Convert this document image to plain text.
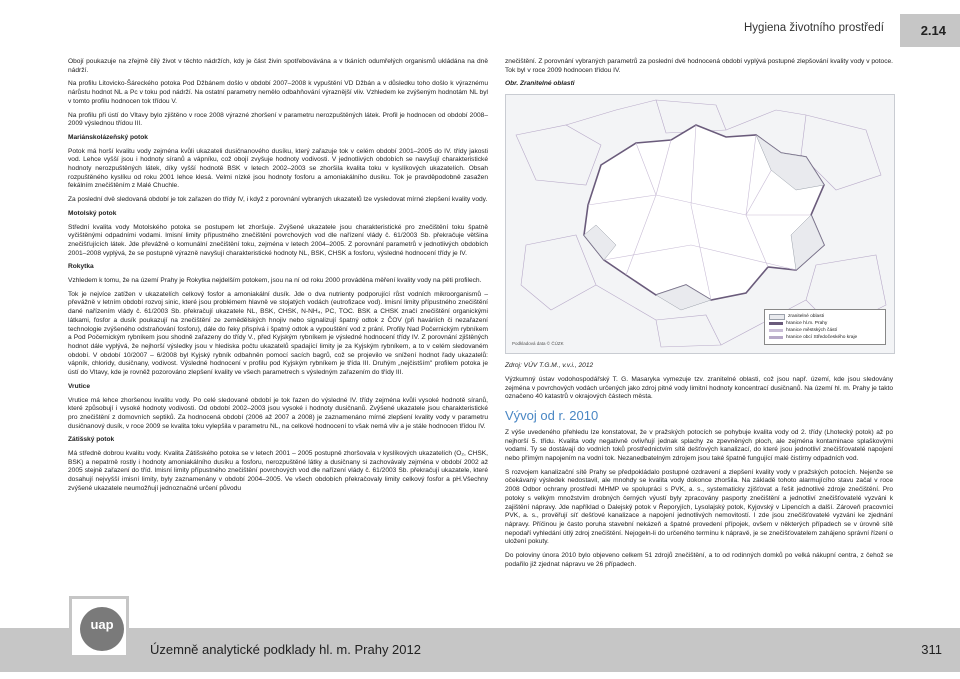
Hygiena životního prostředí	2.14

Obojí poukazuje na zřejmě čilý život v těchto nádržích, kdy je část živin spotřebovávána a v tkáních odumřelých organismů ukládána na dně nádrží.

Na profilu Litovicko-Šáreckého potoka Pod Džbánem došlo v období 2007–2008 k vypuštění VD Džbán a v důsledku toho došlo k výraznému nárůstu hodnot NL a Pc v toku pod nádrží. Na ostatní parametry nemělo odbahňování výraznější vliv. Vzhledem ke zvýšeným hodnotám NL byl v tomto profilu hodnocen tok třídou V.

Na profilu při ústí do Vltavy bylo zjištěno v roce 2008 výrazné zhoršení v parametru nerozpuštěných látek. Profil je hodnocen od období 2008–2009 výslednou třídou III.

Mariánskolázeňský potok

Potok má horší kvalitu vody zejména kvůli ukazateli dusičnanového dusíku, který zařazuje tok v celém období 2001–2005 do IV. třídy jakosti vod. Lehce vyšší jsou i hodnoty síranů a vápníku, což obojí zvyšuje hodnoty vodivosti. V jednotlivých obdobích se navyšují charakteristické hodnoty nerozpuštěných látek, díky vyšší hodnotě BSK v letech 2002–2003 se zhoršila kvalita toku v kyslíkových ukazatelích. Obsah rozpuštěného kyslíku od roku 2001 lehce klesá. Velmi nízké jsou hodnoty fosforu a amoniakálního dusíku. Tok je pravděpodobně zasažen fekálním znečištěním z Malé Chuchle.

Za poslední dvě sledovaná období je tok zařazen do třídy IV, i když z porovnání vybraných ukazatelů lze vysledovat mírné zlepšení kvality vody.

Motolský potok

Střední kvalita vody Motolského potoka se postupem let zhoršuje. Zvýšené ukazatele jsou charakteristické pro znečištění toku špatně vyčištěnými odpadními vodami. Imisní limity přípustného znečištění povrchových vod dle nařízení vlády č. 61/2003 Sb. překračuje většina znečišťujících látek. Jde převážně o komunální znečištění toku, zejména v letech 2004–2005. Z porovnání parametrů v jednotlivých obdobích 2001–2008 vyplývá, že se postupně výrazně navyšují charakteristické hodnoty NL, BSK, CHSK a fosforu, výsledné hodnocení třídy je IV.

Rokytka

Vzhledem k tomu, že na území Prahy je Rokytka nejdelším potokem, jsou na ní od roku 2000 prováděna měření kvality vody na pěti profilech.

Tok je nejvíce zatížen v ukazatelích celkový fosfor a amoniakální dusík. Jde o dva nutrienty podporující růst vodních mikroorganismů – převážně v letním období rozvoj sinic, které jsou problémem hlavně ve stojatých vodách (eutrofizace vod). Imisní limity přípustného znečištění dané nařízením vlády č. 61/2003 Sb. překračují ukazatele NL, BSK, CHSK, N-NH₄, PC, TOC. BSK a CHSK značí znečištění organickými látkami, fosfor a dusík poukazují na znečištění ze zemědělských hnojiv nebo signalizují špatný odtok z ČOV (při haváriích či nezařazení technologie zvýšeného odstraňování fosforu), dále do řeky přispívá i špatný odtok a vypouštění vod z prání. Profily Nad Počernickým rybníkem a Pod Počernickým rybníkem jsou shodně zařazeny do třídy V., před Kyjským rybníkem je výsledné hodnocení třídy IV. Z porovnání zjištěných hodnot dále vyplývá, že nejhorší výsledky jsou v hlediska počtu ukazatelů spadající limity je za Kyjským rybníkem, a to v celém sledovaném období. V období 10/2007 – 6/2008 byl Kyjský rybník odbahněn pomocí sacích bagrů, což se projevilo ve snížení hodnot řady ukazatelů: vápník, chloridy, dusičnany, vodivost. Výsledné hodnocení v profilu pod Kyjským rybníkem je třída III. Druhým „nejčistším" profilem potoka je ústí do Vltavy, kde je rovněž pozorováno zlepšení kvality ve všech parametrech s výsledným zařazením do třídy III.

Vrutice

Vrutice má lehce zhoršenou kvalitu vody. Po celé sledované období je tok řazen do výsledné IV. třídy zejména kvůli vysoké hodnotě síranů, které způsobují i vysoké hodnoty vodivosti. Od období 2002–2003 jsou vysoké i hodnoty dusičnanů. Zvýšené ukazatele jsou charakteristické pro znečištění z domovních septiků. Za hodnocená období (2006 až 2007 a 2008) je zaznamenáno mírné zlepšení kvality vody v parametru dusičnanový dusík, v roce 2009 se kvalita toku vylepšila v parametru NL, na celkové hodnocení to však nemá vliv a je stále hodnocen třídou IV.

Zátišský potok

Má středně dobrou kvalitu vody. Kvalita Zátišského potoka se v letech 2001 – 2005 postupně zhoršovala v kyslíkových ukazatelích (O₂, CHSK, BSK) a nepatrně rostly i hodnoty amoniakálního dusíku a fosforu, nerozpuštěné látky a dusičnany si zachovávaly zejména v období 2002 až 2005 stejně zařazení do tříd. Imisní limity přípustného znečištění povrchových vod dle nařízení vlády č. 61/2003 Sb. překračují ukazatele, které dosahují nejvyšší imisní limity, byly zaznamenány v období 2004–2005. Ve všech obdobích překračovaly limity celkový fosfor a pH.Všechny zvýšené ukazatele neumožňují jednoznačné určení původu

znečištění. Z porovnání vybraných parametrů za poslední dvě hodnocená období vyplývá postupné zlepšování kvality vody v potoce. Tok byl v roce 2009 hodnocen třídou IV.

Obr. Zranitelné oblasti

zranitelné oblasti
hranice hl.m. Prahy
hranice městských částí
hranice obcí Středočeského kraje
Podkladová data © ČÚZK

Zdroj: VÚV T.G.M., v.v.i., 2012

Výzkumný ústav vodohospodářský T. G. Masaryka vymezuje tzv. zranitelné oblasti, což jsou např. území, kde jsou sledovány zejména v povrchových vodách určených jako zdroj pitné vody limitní hodnoty koncentrací dusičnanů. Na území hl. m. Prahy je takto označeno 40 katastrů v okrajových částech města.

Vývoj od r. 2010

Z výše uvedeného přehledu lze konstatovat, že v pražských potocích se pohybuje kvalita vody od 2. třídy (Lhotecký potok) až po nejhorší 5. třídu. Kvalita vody negativně ovlivňují jednak splachy ze zpevněných ploch, ale zejména kontaminace splaškovými vodami. Ty se dostávají do vodních toků prostřednictvím sítě dešťových kanalizací, do které jsou jednotliví znečišťovatelé napojení nebo přímým napojením na vodní tok. Nezanedbatelným zdrojem jsou také špatně fungující malé čistírny odpadních vod.

S rozvojem kanalizační sítě Prahy se předpokládalo postupné ozdravení a zlepšení kvality vody v pražských potocích. Nejenže se očekávaný výsledek nedostavil, ale mnohdy se kvalita vody dokonce zhoršila. Na základě tohoto alarmujícího stavu začal v roce 2008 Odbor ochrany prostředí MHMP ve spolupráci s PVK, a. s., systematicky zjišťovat a řešit jednotlivé zdroje znečištění. Pro potoky s velkým množstvím drobných černých výustí byly zpracovány pasporty znečištění a jednotliví znečišťovatelé vyzváni k zajištění nápravy. Jde například o Dalejský potok v Řeporyjích, Lysolajský potok, Kyjovský v Lipencích a další. Zároveň pracovníci PVK, a. s., prověřují síť dešťové kanalizace a napojení jednotlivých nemovitostí. I zde jsou znečišťovatelé vyzváni ke zjednání nápravy. Příčinou je často poruha stavební nekázeň a špatné provedení přípojek, ovšem v některých případech se v úrovně sítě nepodaří vyhledání útlý zdroj znečištění. Nejogeln-li do určeného termínu k nápravě, je se znečišťovatelem zahájeno správní řízení o uložení pokuty.

Do poloviny února 2010 bylo objeveno celkem 51 zdrojů znečištění, a to od rodinných domků po velká nákupní centra, z čehož se podařilo již zjednat nápravu ve 26 případech.

uap
Územně analytické podklady hl. m. Prahy 2012	311
